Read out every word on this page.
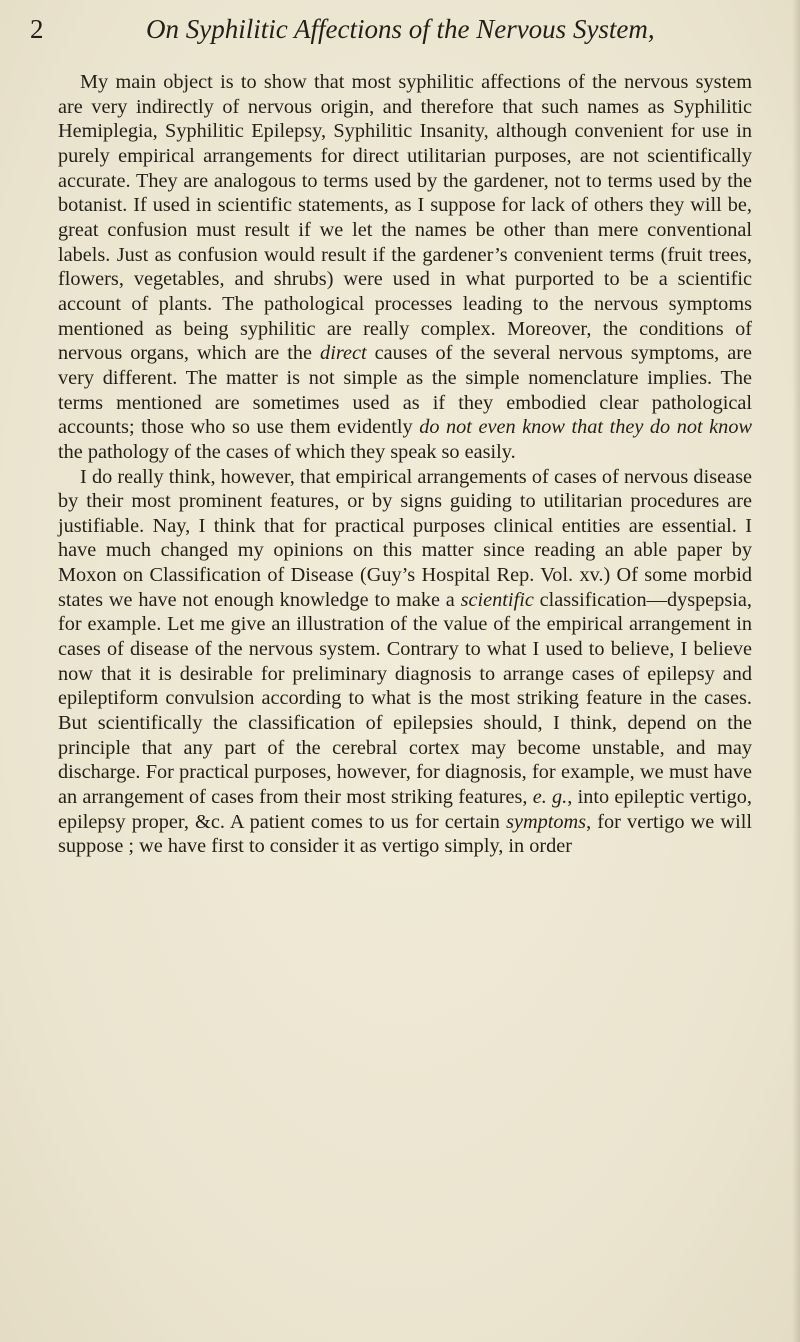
2	On Syphilitic Affections of the Nervous System,

My main object is to show that most syphilitic affections of the nervous system are very indirectly of nervous origin, and therefore that such names as Syphilitic Hemiplegia, Syphilitic Epilepsy, Syphilitic Insanity, although convenient for use in purely empirical arrangements for direct utilitarian purposes, are not scientifically accurate. They are analogous to terms used by the gardener, not to terms used by the botanist. If used in scientific statements, as I suppose for lack of others they will be, great confusion must result if we let the names be other than mere conventional labels. Just as confusion would result if the gardener’s convenient terms (fruit trees, flowers, vegetables, and shrubs) were used in what purported to be a scientific account of plants. The pathological processes leading to the nervous symptoms mentioned as being syphilitic are really complex. Moreover, the conditions of nervous organs, which are the direct causes of the several nervous symptoms, are very different. The matter is not simple as the simple nomenclature implies. The terms mentioned are sometimes used as if they embodied clear pathological accounts; those who so use them evidently do not even know that they do not know the pathology of the cases of which they speak so easily.

I do really think, however, that empirical arrangements of cases of nervous disease by their most prominent features, or by signs guiding to utilitarian procedures are justifiable. Nay, I think that for practical purposes clinical entities are essential. I have much changed my opinions on this matter since reading an able paper by Moxon on Classification of Disease (Guy’s Hospital Rep. Vol. xv.) Of some morbid states we have not enough knowledge to make a scientific classification—dyspepsia, for example. Let me give an illustration of the value of the empirical arrangement in cases of disease of the nervous system. Contrary to what I used to believe, I believe now that it is desirable for preliminary diagnosis to arrange cases of epilepsy and epileptiform convulsion according to what is the most striking feature in the cases. But scientifically the classification of epilepsies should, I think, depend on the principle that any part of the cerebral cortex may become unstable, and may discharge. For practical purposes, however, for diagnosis, for example, we must have an arrangement of cases from their most striking features, e. g., into epileptic vertigo, epilepsy proper, &c. A patient comes to us for certain symptoms, for vertigo we will suppose ; we have first to consider it as vertigo simply, in order
